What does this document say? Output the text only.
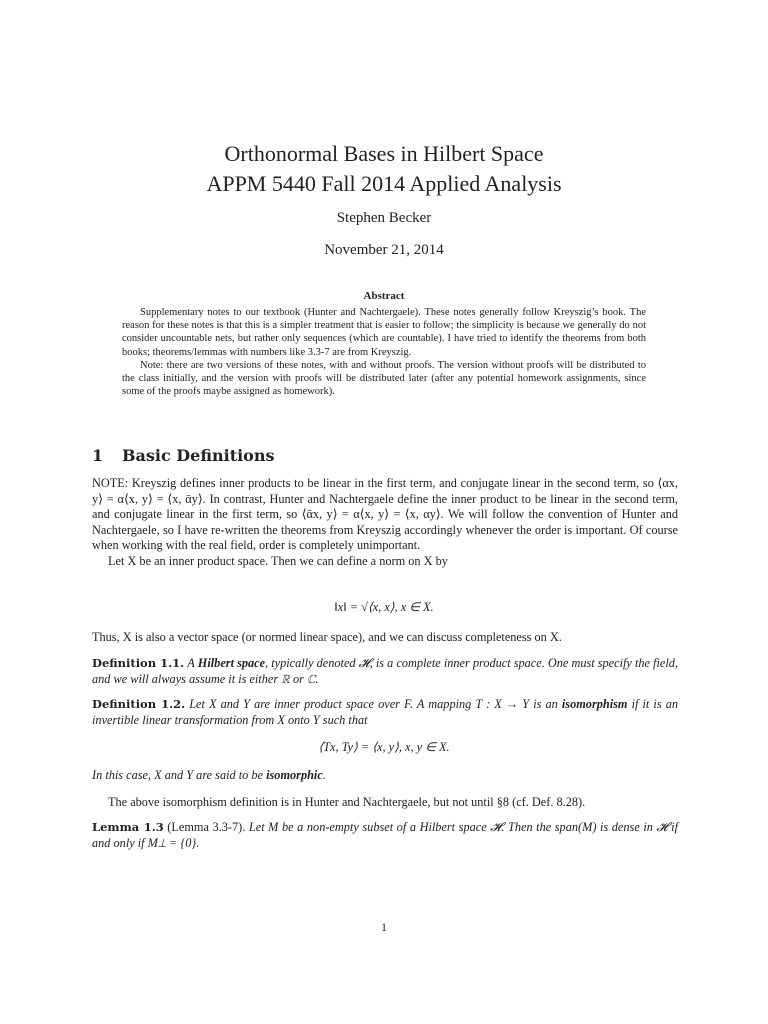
Orthonormal Bases in Hilbert Space
APPM 5440 Fall 2014 Applied Analysis
Stephen Becker
November 21, 2014
Abstract

Supplementary notes to our textbook (Hunter and Nachtergaele). These notes generally follow Kreyszig’s book. The reason for these notes is that this is a simpler treatment that is easier to follow; the simplicity is because we generally do not consider uncountable nets, but rather only sequences (which are countable). I have tried to identify the theorems from both books; theorems/lemmas with numbers like 3.3-7 are from Kreyszig.

Note: there are two versions of these notes, with and without proofs. The version without proofs will be distributed to the class initially, and the version with proofs will be distributed later (after any potential homework assignments, since some of the proofs maybe assigned as homework).

1 Basic Definitions

NOTE: Kreyszig defines inner products to be linear in the first term, and conjugate linear in the second term, so ⟨αx, y⟩ = α⟨x, y⟩ = ⟨x, ᾱy⟩. In contrast, Hunter and Nachtergaele define the inner product to be linear in the second term, and conjugate linear in the first term, so ⟨ᾱx, y⟩ = α⟨x, y⟩ = ⟨x, αy⟩. We will follow the convention of Hunter and Nachtergaele, so I have re-written the theorems from Kreyszig accordingly whenever the order is important. Of course when working with the real field, order is completely unimportant.

Let X be an inner product space. Then we can define a norm on X by

‖x‖ = √⟨x, x⟩, x ∈ X.

Thus, X is also a vector space (or normed linear space), and we can discuss completeness on X.

Definition 1.1. A Hilbert space, typically denoted 𝓗, is a complete inner product space. One must specify the field, and we will always assume it is either ℝ or ℂ.
Definition 1.2. Let X and Y are inner product space over F. A mapping T : X → Y is an isomorphism if it is an invertible linear transformation from X onto Y such that
⟨Tx, Ty⟩ = ⟨x, y⟩, x, y ∈ X.
In this case, X and Y are said to be isomorphic.

The above isomorphism definition is in Hunter and Nachtergaele, but not until §8 (cf. Def. 8.28).

Lemma 1.3 (Lemma 3.3-7). Let M be a non-empty subset of a Hilbert space 𝓗. Then the span(M) is dense in 𝓗 if and only if M⊥ = {0}.
1
